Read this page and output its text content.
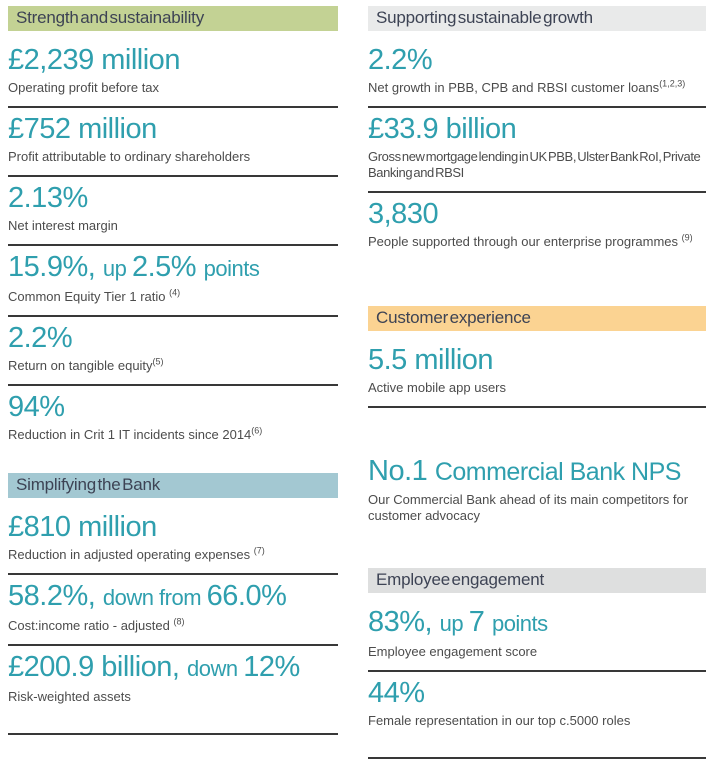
Strength and sustainability
£2,239 million
Operating profit before tax
£752 million
Profit attributable to ordinary shareholders
2.13%
Net interest margin
15.9%, up 2.5% points
Common Equity Tier 1 ratio $^{(4)}$
2.2%
Return on tangible equity$^{(5)}$
94%
Reduction in Crit 1 IT incidents since 2014$^{(6)}$
Simplifying the Bank
£810 million
Reduction in adjusted operating expenses $^{(7)}$
58.2%, down from 66.0%
Cost:income ratio - adjusted $^{(8)}$
£200.9 billion, down 12%
Risk-weighted assets
Supporting sustainable growth
2.2%
Net growth in PBB, CPB and RBSI customer loans$^{(1,2,3)}$
£33.9 billion
Gross new mortgage lending in UK PBB, Ulster Bank RoI, Private Banking and RBSI
3,830
People supported through our enterprise programmes $^{(9)}$
Customer experience
5.5 million
Active mobile app users
No.1 Commercial Bank NPS
Our Commercial Bank ahead of its main competitors for customer advocacy
Employee engagement
83%, up 7 points
Employee engagement score
44%
Female representation in our top c.5000 roles
